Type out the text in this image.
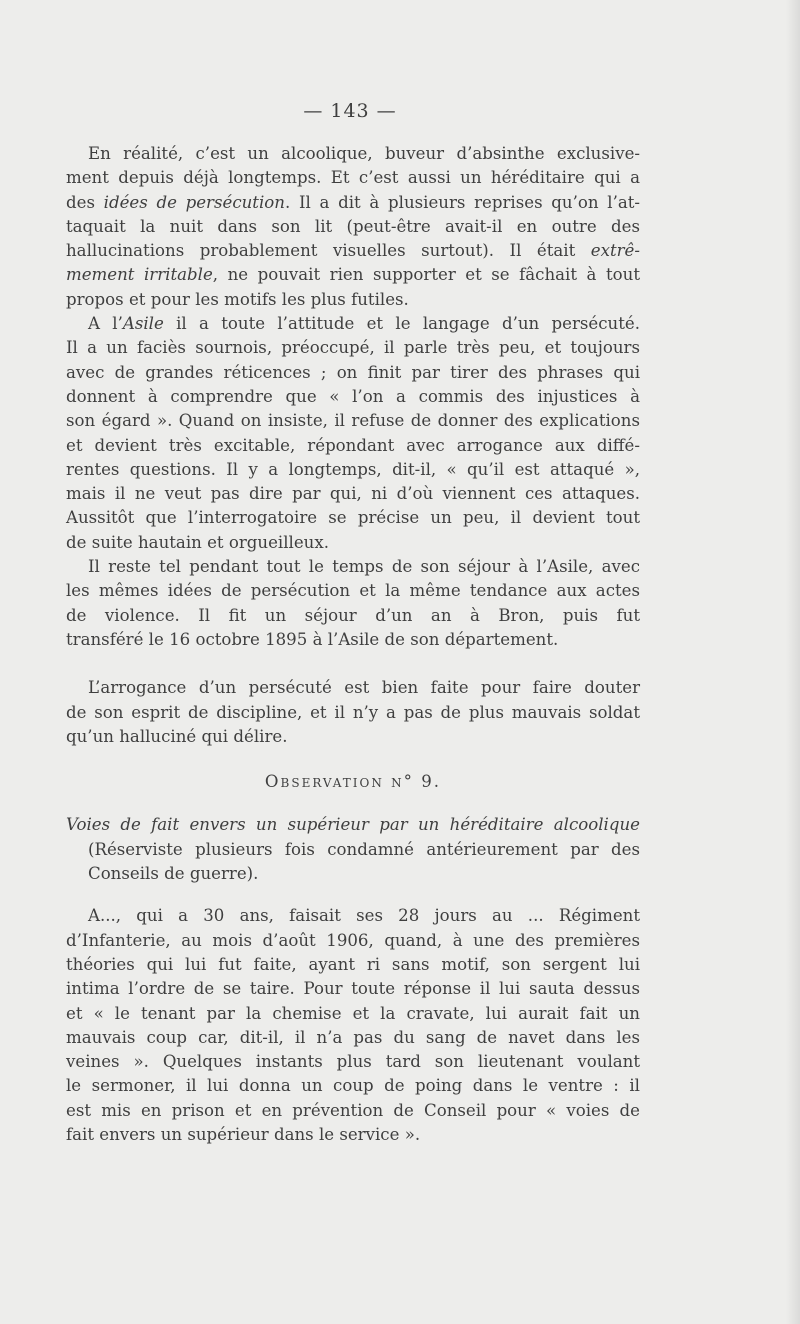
— 143 —
En réalité, c’est un alcoolique, buveur d’absinthe exclusive-
ment depuis déjà longtemps. Et c’est aussi un héréditaire qui a
des idées de persécution. Il a dit à plusieurs reprises qu’on l’at-
taquait la nuit dans son lit (peut-être avait-il en outre des
hallucinations probablement visuelles surtout). Il était extrê-
mement irritable, ne pouvait rien supporter et se fâchait à tout
propos et pour les motifs les plus futiles.
A l’Asile il a toute l’attitude et le langage d’un persécuté.
Il a un faciès sournois, préoccupé, il parle très peu, et toujours
avec de grandes réticences ; on finit par tirer des phrases qui
donnent à comprendre que « l’on a commis des injustices à
son égard ». Quand on insiste, il refuse de donner des explications
et devient très excitable, répondant avec arrogance aux diffé-
rentes questions. Il y a longtemps, dit-il, « qu’il est attaqué »,
mais il ne veut pas dire par qui, ni d’où viennent ces attaques.
Aussitôt que l’interrogatoire se précise un peu, il devient tout
de suite hautain et orgueilleux.
Il reste tel pendant tout le temps de son séjour à l’Asile, avec
les mêmes idées de persécution et la même tendance aux actes
de violence. Il fit un séjour d’un an à Bron, puis fut
transféré le 16 octobre 1895 à l’Asile de son département.
L’arrogance d’un persécuté est bien faite pour faire douter
de son esprit de discipline, et il n’y a pas de plus mauvais soldat
qu’un halluciné qui délire.
Observation n° 9.
Voies de fait envers un supérieur par un héréditaire alcoolique
(Réserviste plusieurs fois condamné antérieurement par des
Conseils de guerre).
A..., qui a 30 ans, faisait ses 28 jours au ... Régiment
d’Infanterie, au mois d’août 1906, quand, à une des premières
théories qui lui fut faite, ayant ri sans motif, son sergent lui
intima l’ordre de se taire. Pour toute réponse il lui sauta dessus
et « le tenant par la chemise et la cravate, lui aurait fait un
mauvais coup car, dit-il, il n’a pas du sang de navet dans les
veines ». Quelques instants plus tard son lieutenant voulant
le sermoner, il lui donna un coup de poing dans le ventre : il
est mis en prison et en prévention de Conseil pour « voies de
fait envers un supérieur dans le service ».
